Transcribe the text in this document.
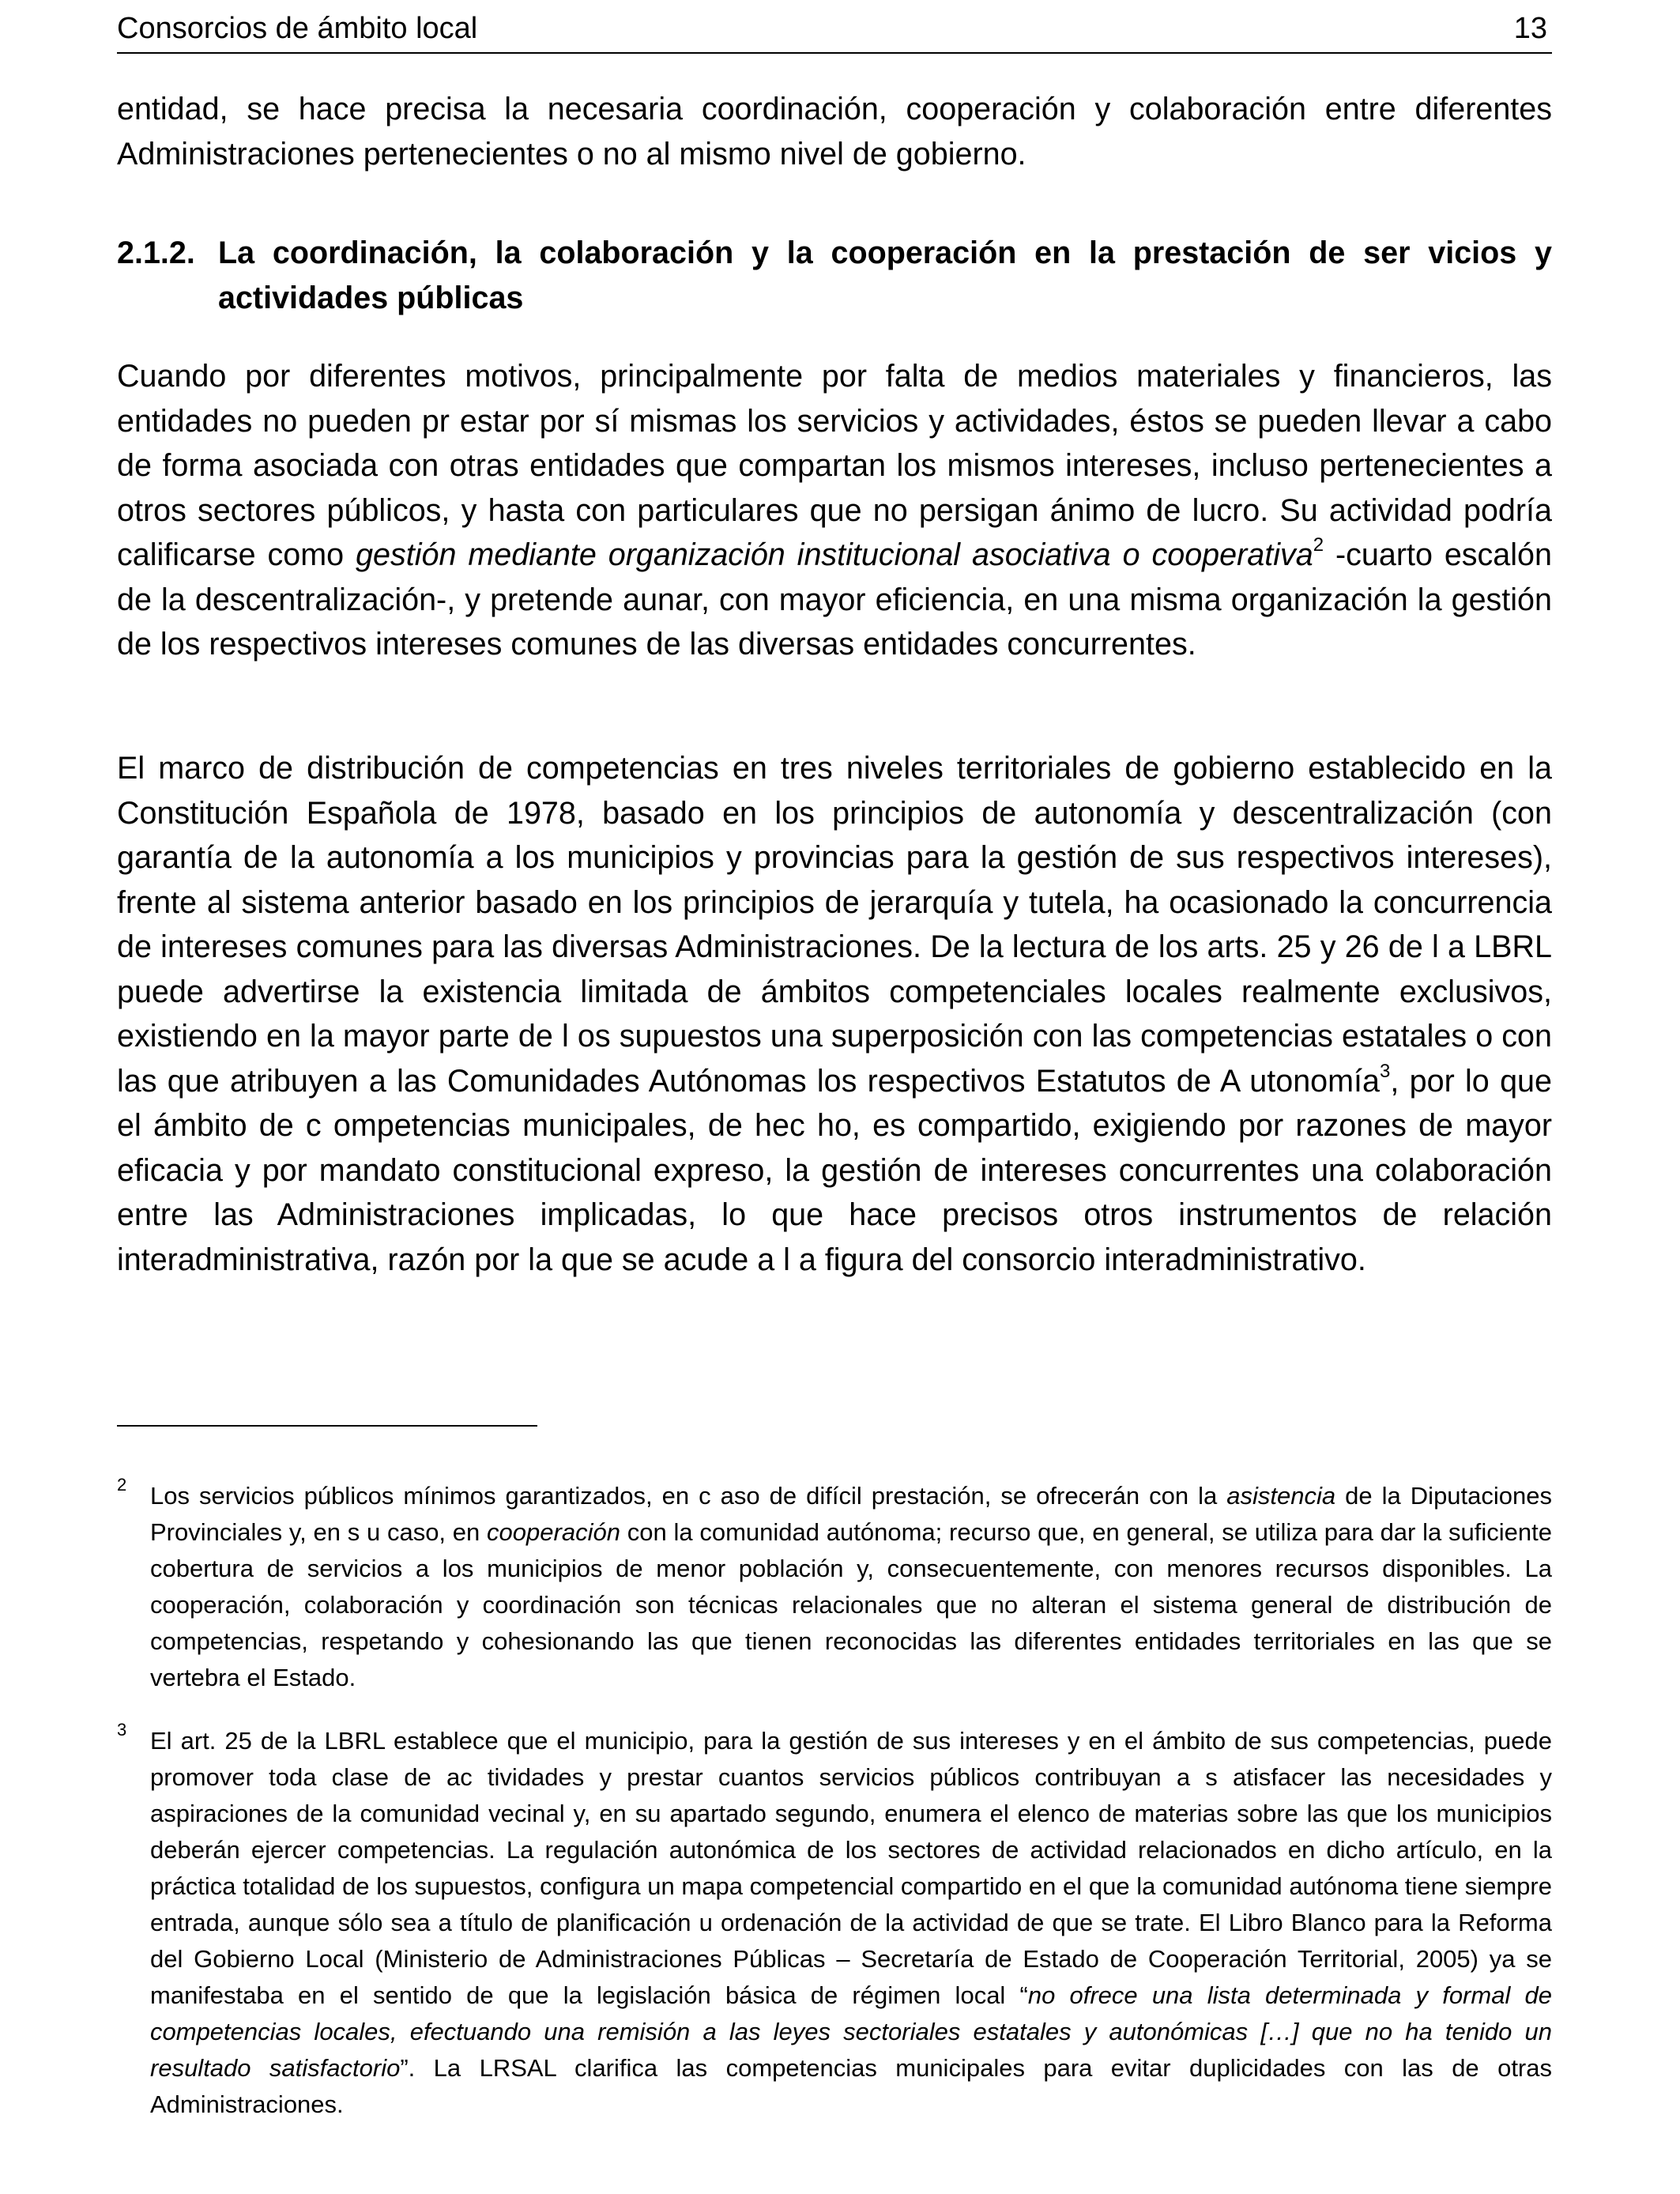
Consorcios de ámbito local	13

entidad, se hace precisa la necesaria coordinación, cooperación y colaboración entre diferentes Administraciones pertenecientes o no al mismo nivel de gobierno.

2.1.2. La coordinación, la colaboración y la cooperación en la prestación de ser vicios y actividades públicas

Cuando por diferentes motivos, principalmente por falta de medios materiales y financieros, las entidades no pueden pr estar por sí mismas los servicios y actividades, éstos se pueden llevar a cabo de forma asociada con otras entidades que compartan los mismos intereses, incluso pertenecientes a otros sectores públicos, y hasta con particulares que no persigan ánimo de lucro. Su actividad podría calificarse como gestión mediante organización institucional asociativa o cooperativa$^2$ -cuarto escalón de la descentralización-, y pretende aunar, con mayor eficiencia, en una misma organización la gestión de los respectivos intereses comunes de las diversas entidades concurrentes.

El marco de distribución de competencias en tres niveles territoriales de gobierno establecido en la Constitución Española de 1978, basado en los principios de autonomía y descentralización (con garantía de la autonomía a los municipios y provincias para la gestión de sus respectivos intereses), frente al sistema anterior basado en los principios de jerarquía y tutela, ha ocasionado la concurrencia de intereses comunes para las diversas Administraciones. De la lectura de los arts. 25 y 26 de l a LBRL puede advertirse la existencia limitada de ámbitos competenciales locales realmente exclusivos, existiendo en la mayor parte de l os supuestos una superposición con las competencias estatales o con las que atribuyen a las Comunidades Autónomas los respectivos Estatutos de A utonomía$^3$, por lo que el ámbito de c ompetencias municipales, de hec ho, es compartido, exigiendo por razones de mayor eficacia y por mandato constitucional expreso, la gestión de intereses concurrentes una colaboración entre las Administraciones implicadas, lo que hace precisos otros instrumentos de relación interadministrativa, razón por la que se acude a l a figura del consorcio interadministrativo.

2 Los servicios públicos mínimos garantizados, en c aso de difícil prestación, se ofrecerán con la asistencia de la Diputaciones Provinciales y, en s u caso, en cooperación con la comunidad autónoma; recurso que, en general, se utiliza para dar la suficiente cobertura de servicios a los municipios de menor población y, consecuentemente, con menores recursos disponibles. La cooperación, colaboración y coordinación son técnicas relacionales que no alteran el sistema general de distribución de competencias, respetando y cohesionando las que tienen reconocidas las diferentes entidades territoriales en las que se vertebra el Estado.
3 El art. 25 de la LBRL establece que el municipio, para la gestión de sus intereses y en el ámbito de sus competencias, puede promover toda clase de ac tividades y prestar cuantos servicios públicos contribuyan a s atisfacer las necesidades y aspiraciones de la comunidad vecinal y, en su apartado segundo, enumera el elenco de materias sobre las que los municipios deberán ejercer competencias. La regulación autonómica de los sectores de actividad relacionados en dicho artículo, en la práctica totalidad de los supuestos, configura un mapa competencial compartido en el que la comunidad autónoma tiene siempre entrada, aunque sólo sea a título de planificación u ordenación de la actividad de que se trate. El Libro Blanco para la Reforma del Gobierno Local (Ministerio de Administraciones Públicas – Secretaría de Estado de Cooperación Territorial, 2005) ya se manifestaba en el sentido de que la legislación básica de régimen local “no ofrece una lista determinada y formal de competencias locales, efectuando una remisión a las leyes sectoriales estatales y autonómicas […] que no ha tenido un resultado satisfactorio”. La LRSAL clarifica las competencias municipales para evitar duplicidades con las de otras Administraciones.
